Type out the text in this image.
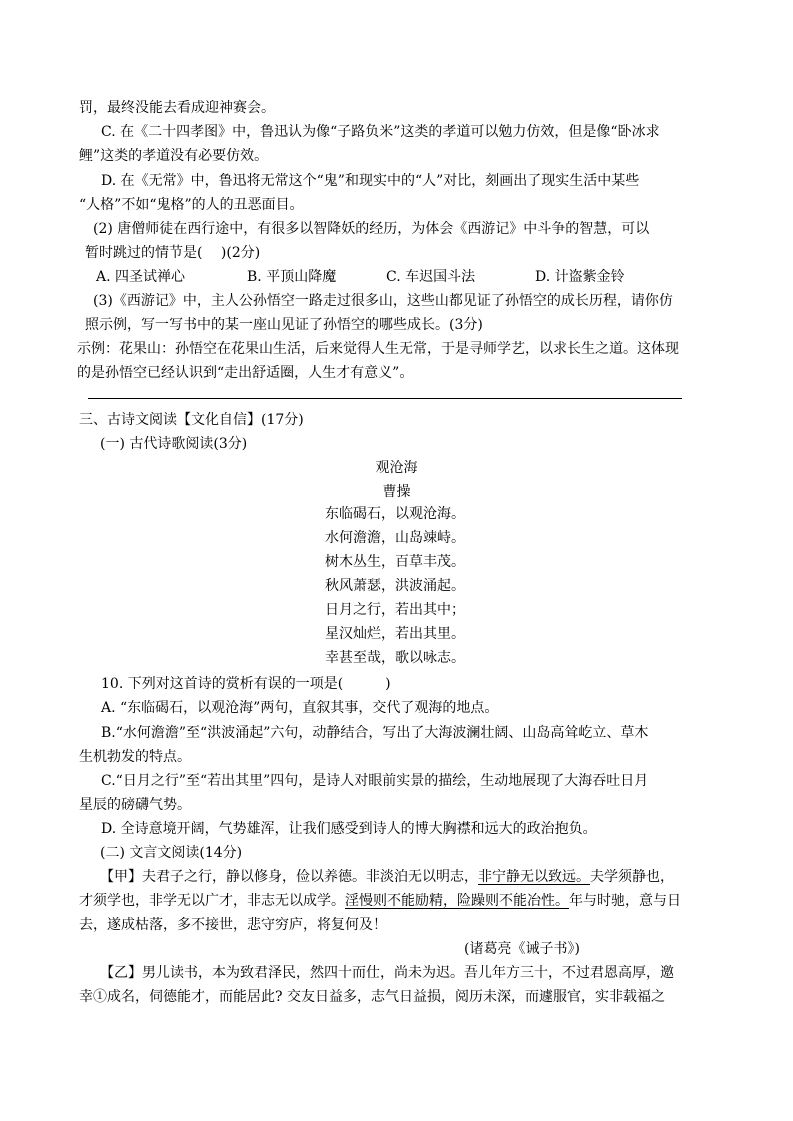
罚，最终没能去看成迎神赛会。
C. 在《二十四孝图》中，鲁迅认为像“子路负米”这类的孝道可以勉力仿效，但是像“卧冰求
鲤”这类的孝道没有必要仿效。
D. 在《无常》中，鲁迅将无常这个“鬼”和现实中的“人”对比，刻画出了现实生活中某些
“人格”不如“鬼格”的人的丑恶面目。
(2) 唐僧师徒在西行途中，有很多以智降妖的经历，为体会《西游记》中斗争的智慧，可以
暂时跳过的情节是(　 )(2分)
A. 四圣试禅心	B. 平顶山降魔	C. 车迟国斗法	D. 计盗紫金铃
(3)《西游记》中，主人公孙悟空一路走过很多山，这些山都见证了孙悟空的成长历程，请你仿
照示例，写一写书中的某一座山见证了孙悟空的哪些成长。(3分)
示例：花果山：孙悟空在花果山生活，后来觉得人生无常，于是寻师学艺，以求长生之道。这体现
的是孙悟空已经认识到“走出舒适圈，人生才有意义”。
三、古诗文阅读【文化自信】(17分)
(一) 古代诗歌阅读(3分)
观沧海
曹操
东临碣石，以观沧海。
水何澹澹，山岛竦峙。
树木丛生，百草丰茂。
秋风萧瑟，洪波涌起。
日月之行，若出其中；
星汉灿烂，若出其里。
幸甚至哉，歌以咏志。
10. 下列对这首诗的赏析有误的一项是(　　　)
A. “东临碣石，以观沧海”两句，直叙其事，交代了观海的地点。
B.“水何澹澹”至“洪波涌起”六句，动静结合，写出了大海波澜壮阔、山岛高耸屹立、草木
生机勃发的特点。
C.“日月之行”至“若出其里”四句，是诗人对眼前实景的描绘，生动地展现了大海吞吐日月
星辰的磅礴气势。
D. 全诗意境开阔，气势雄浑，让我们感受到诗人的博大胸襟和远大的政治抱负。
(二) 文言文阅读(14分)
【甲】夫君子之行，静以修身，俭以养德。非淡泊无以明志，非宁静无以致远。夫学须静也，
才须学也，非学无以广才，非志无以成学。淫慢则不能励精，险躁则不能冶性。年与时驰，意与日
去，遂成枯落，多不接世，悲守穷庐，将复何及！
(诸葛亮《诫子书》)
【乙】男儿读书，本为致君泽民，然四十而仕，尚未为迟。吾儿年方三十，不过君恩高厚，邀
幸①成名，伺德能才，而能居此? 交友日益多，志气日益损，阅历未深，而遽服官，实非载福之
